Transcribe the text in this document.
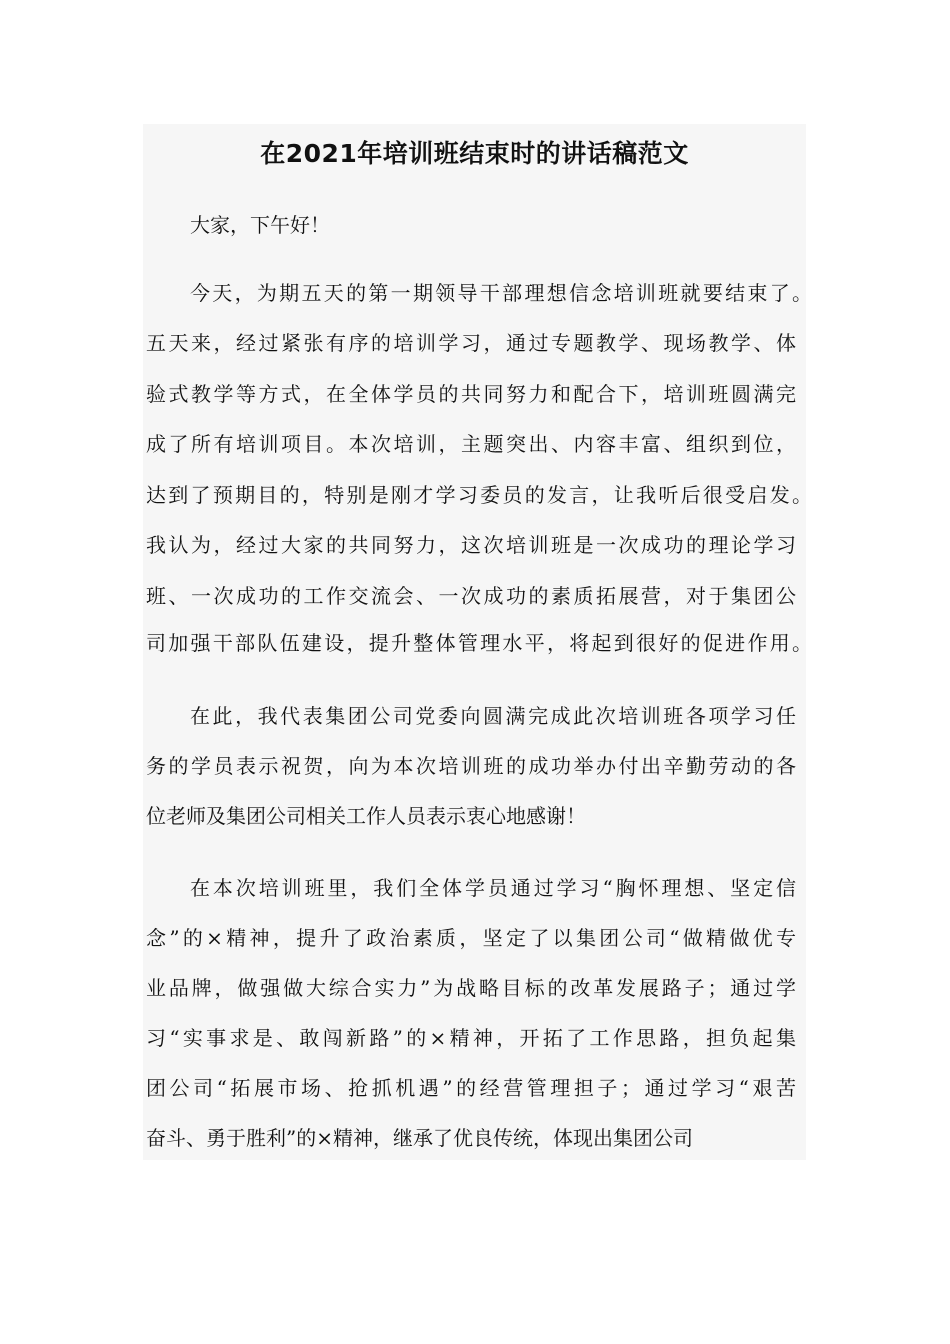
在2021年培训班结束时的讲话稿范文

大家，下午好！

今天，为期五天的第一期领导干部理想信念培训班就要结束了。

五天来，经过紧张有序的培训学习，通过专题教学、现场教学、体

验式教学等方式，在全体学员的共同努力和配合下，培训班圆满完

成了所有培训项目。本次培训，主题突出、内容丰富、组织到位，

达到了预期目的，特别是刚才学习委员的发言，让我听后很受启发。

我认为，经过大家的共同努力，这次培训班是一次成功的理论学习

班、一次成功的工作交流会、一次成功的素质拓展营，对于集团公

司加强干部队伍建设，提升整体管理水平，将起到很好的促进作用。

在此，我代表集团公司党委向圆满完成此次培训班各项学习任

务的学员表示祝贺，向为本次培训班的成功举办付出辛勤劳动的各

位老师及集团公司相关工作人员表示衷心地感谢！

在本次培训班里，我们全体学员通过学习“胸怀理想、坚定信

念”的×精神，提升了政治素质，坚定了以集团公司“做精做优专

业品牌，做强做大综合实力”为战略目标的改革发展路子；通过学

习“实事求是、敢闯新路”的×精神，开拓了工作思路，担负起集

团公司“拓展市场、抢抓机遇”的经营管理担子；通过学习“艰苦

奋斗、勇于胜利”的×精神，继承了优良传统，体现出集团公司
